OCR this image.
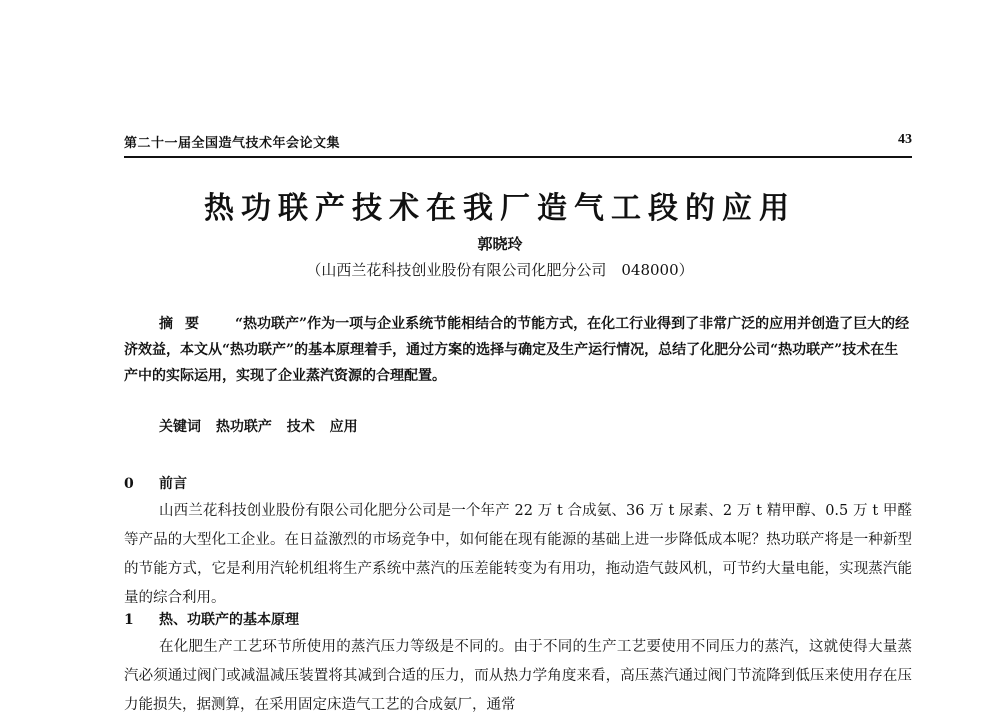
第二十一届全国造气技术年会论文集	43
热功联产技术在我厂造气工段的应用
郭晓玲
（山西兰花科技创业股份有限公司化肥分公司　048000）
摘要 “热功联产”作为一项与企业系统节能相结合的节能方式，在化工行业得到了非常广泛的应用并创造了巨大的经济效益，本文从“热功联产”的基本原理着手，通过方案的选择与确定及生产运行情况，总结了化肥分公司“热功联产”技术在生产中的实际运用，实现了企业蒸汽资源的合理配置。
关键词 热功联产 技术 应用
0 前言
山西兰花科技创业股份有限公司化肥分公司是一个年产 22 万 t 合成氨、36 万 t 尿素、2 万 t 精甲醇、0.5 万 t 甲醛等产品的大型化工企业。在日益激烈的市场竞争中，如何能在现有能源的基础上进一步降低成本呢？热功联产将是一种新型的节能方式，它是利用汽轮机组将生产系统中蒸汽的压差能转变为有用功，拖动造气鼓风机，可节约大量电能，实现蒸汽能量的综合利用。
1 热、功联产的基本原理
在化肥生产工艺环节所使用的蒸汽压力等级是不同的。由于不同的生产工艺要使用不同压力的蒸汽，这就使得大量蒸汽必须通过阀门或减温减压装置将其减到合适的压力，而从热力学角度来看，高压蒸汽通过阀门节流降到低压来使用存在压力能损失，据测算，在采用固定床造气工艺的合成氨厂，通常
